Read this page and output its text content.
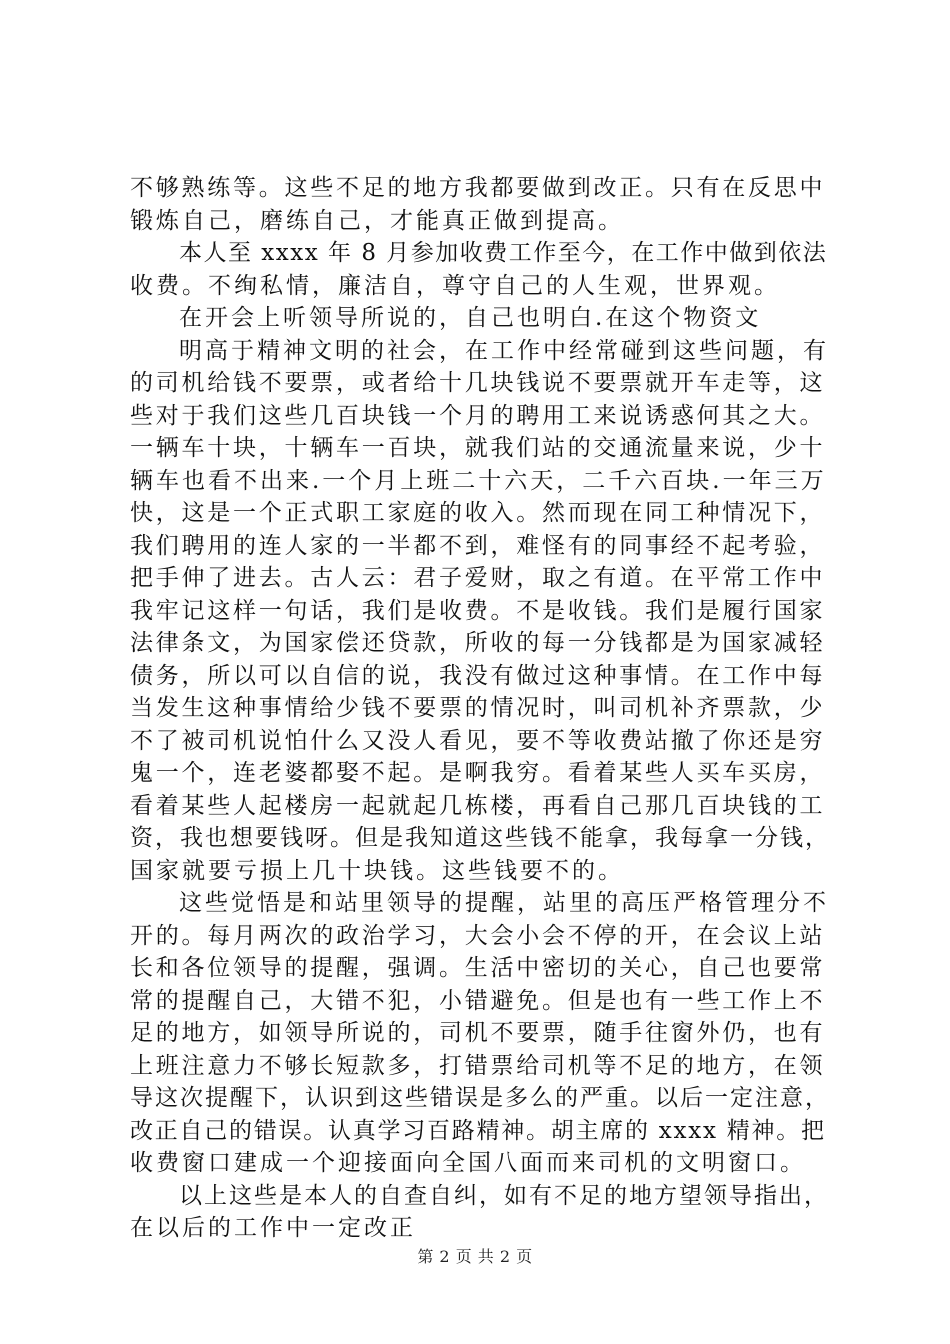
不够熟练等。这些不足的地方我都要做到改正。只有在反思中
锻炼自己，磨练自己，才能真正做到提高。
本人至 xxxx 年 8 月参加收费工作至今，在工作中做到依法
收费。不绚私情，廉洁自，尊守自己的人生观，世界观。
在开会上听领导所说的，自己也明白.在这个物资文
明高于精神文明的社会，在工作中经常碰到这些问题，有
的司机给钱不要票，或者给十几块钱说不要票就开车走等，这
些对于我们这些几百块钱一个月的聘用工来说诱惑何其之大。
一辆车十块，十辆车一百块，就我们站的交通流量来说，少十
辆车也看不出来.一个月上班二十六天，二千六百块.一年三万
快，这是一个正式职工家庭的收入。然而现在同工种情况下，
我们聘用的连人家的一半都不到，难怪有的同事经不起考验，
把手伸了进去。古人云：君子爱财，取之有道。在平常工作中
我牢记这样一句话，我们是收费。不是收钱。我们是履行国家
法律条文，为国家偿还贷款，所收的每一分钱都是为国家减轻
债务，所以可以自信的说，我没有做过这种事情。在工作中每
当发生这种事情给少钱不要票的情况时，叫司机补齐票款，少
不了被司机说怕什么又没人看见，要不等收费站撤了你还是穷
鬼一个，连老婆都娶不起。是啊我穷。看着某些人买车买房，
看着某些人起楼房一起就起几栋楼，再看自己那几百块钱的工
资，我也想要钱呀。但是我知道这些钱不能拿，我每拿一分钱，
国家就要亏损上几十块钱。这些钱要不的。
这些觉悟是和站里领导的提醒，站里的高压严格管理分不
开的。每月两次的政治学习，大会小会不停的开，在会议上站
长和各位领导的提醒，强调。生活中密切的关心，自己也要常
常的提醒自己，大错不犯，小错避免。但是也有一些工作上不
足的地方，如领导所说的，司机不要票，随手往窗外仍，也有
上班注意力不够长短款多，打错票给司机等不足的地方，在领
导这次提醒下，认识到这些错误是多么的严重。以后一定注意，
改正自己的错误。认真学习百路精神。胡主席的 xxxx 精神。把
收费窗口建成一个迎接面向全国八面而来司机的文明窗口。
以上这些是本人的自查自纠，如有不足的地方望领导指出，
在以后的工作中一定改正
第 2 页 共 2 页
